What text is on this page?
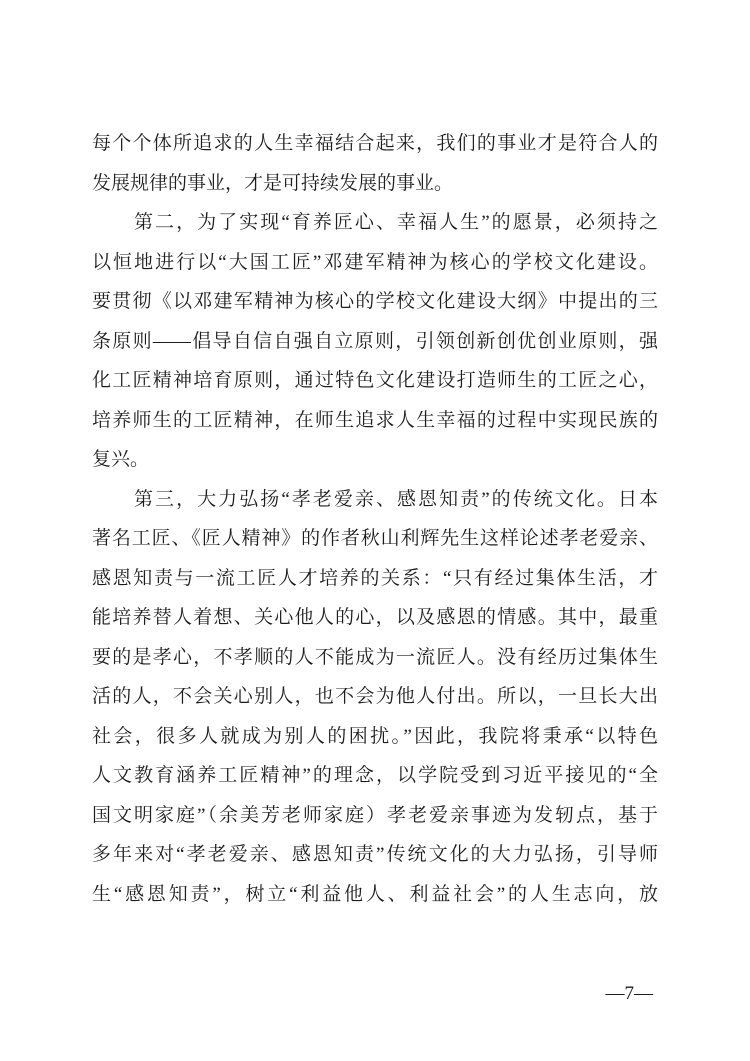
每个个体所追求的人生幸福结合起来，我们的事业才是符合人的
发展规律的事业，才是可持续发展的事业。
第二，为了实现“育养匠心、幸福人生”的愿景，必须持之
以恒地进行以“大国工匠”邓建军精神为核心的学校文化建设。
要贯彻《以邓建军精神为核心的学校文化建设大纲》中提出的三
条原则——倡导自信自强自立原则，引领创新创优创业原则，强
化工匠精神培育原则，通过特色文化建设打造师生的工匠之心，
培养师生的工匠精神，在师生追求人生幸福的过程中实现民族的
复兴。
第三，大力弘扬“孝老爱亲、感恩知责”的传统文化。日本
著名工匠、《匠人精神》的作者秋山利辉先生这样论述孝老爱亲、
感恩知责与一流工匠人才培养的关系：“只有经过集体生活，才
能培养替人着想、关心他人的心，以及感恩的情感。其中，最重
要的是孝心，不孝顺的人不能成为一流匠人。没有经历过集体生
活的人，不会关心别人，也不会为他人付出。所以，一旦长大出
社会，很多人就成为别人的困扰。”因此，我院将秉承“以特色
人文教育涵养工匠精神”的理念，以学院受到习近平接见的“全
国文明家庭”（余美芳老师家庭）孝老爱亲事迹为发轫点，基于
多年来对“孝老爱亲、感恩知责”传统文化的大力弘扬，引导师
生“感恩知责”，树立“利益他人、利益社会”的人生志向，放
—7—
